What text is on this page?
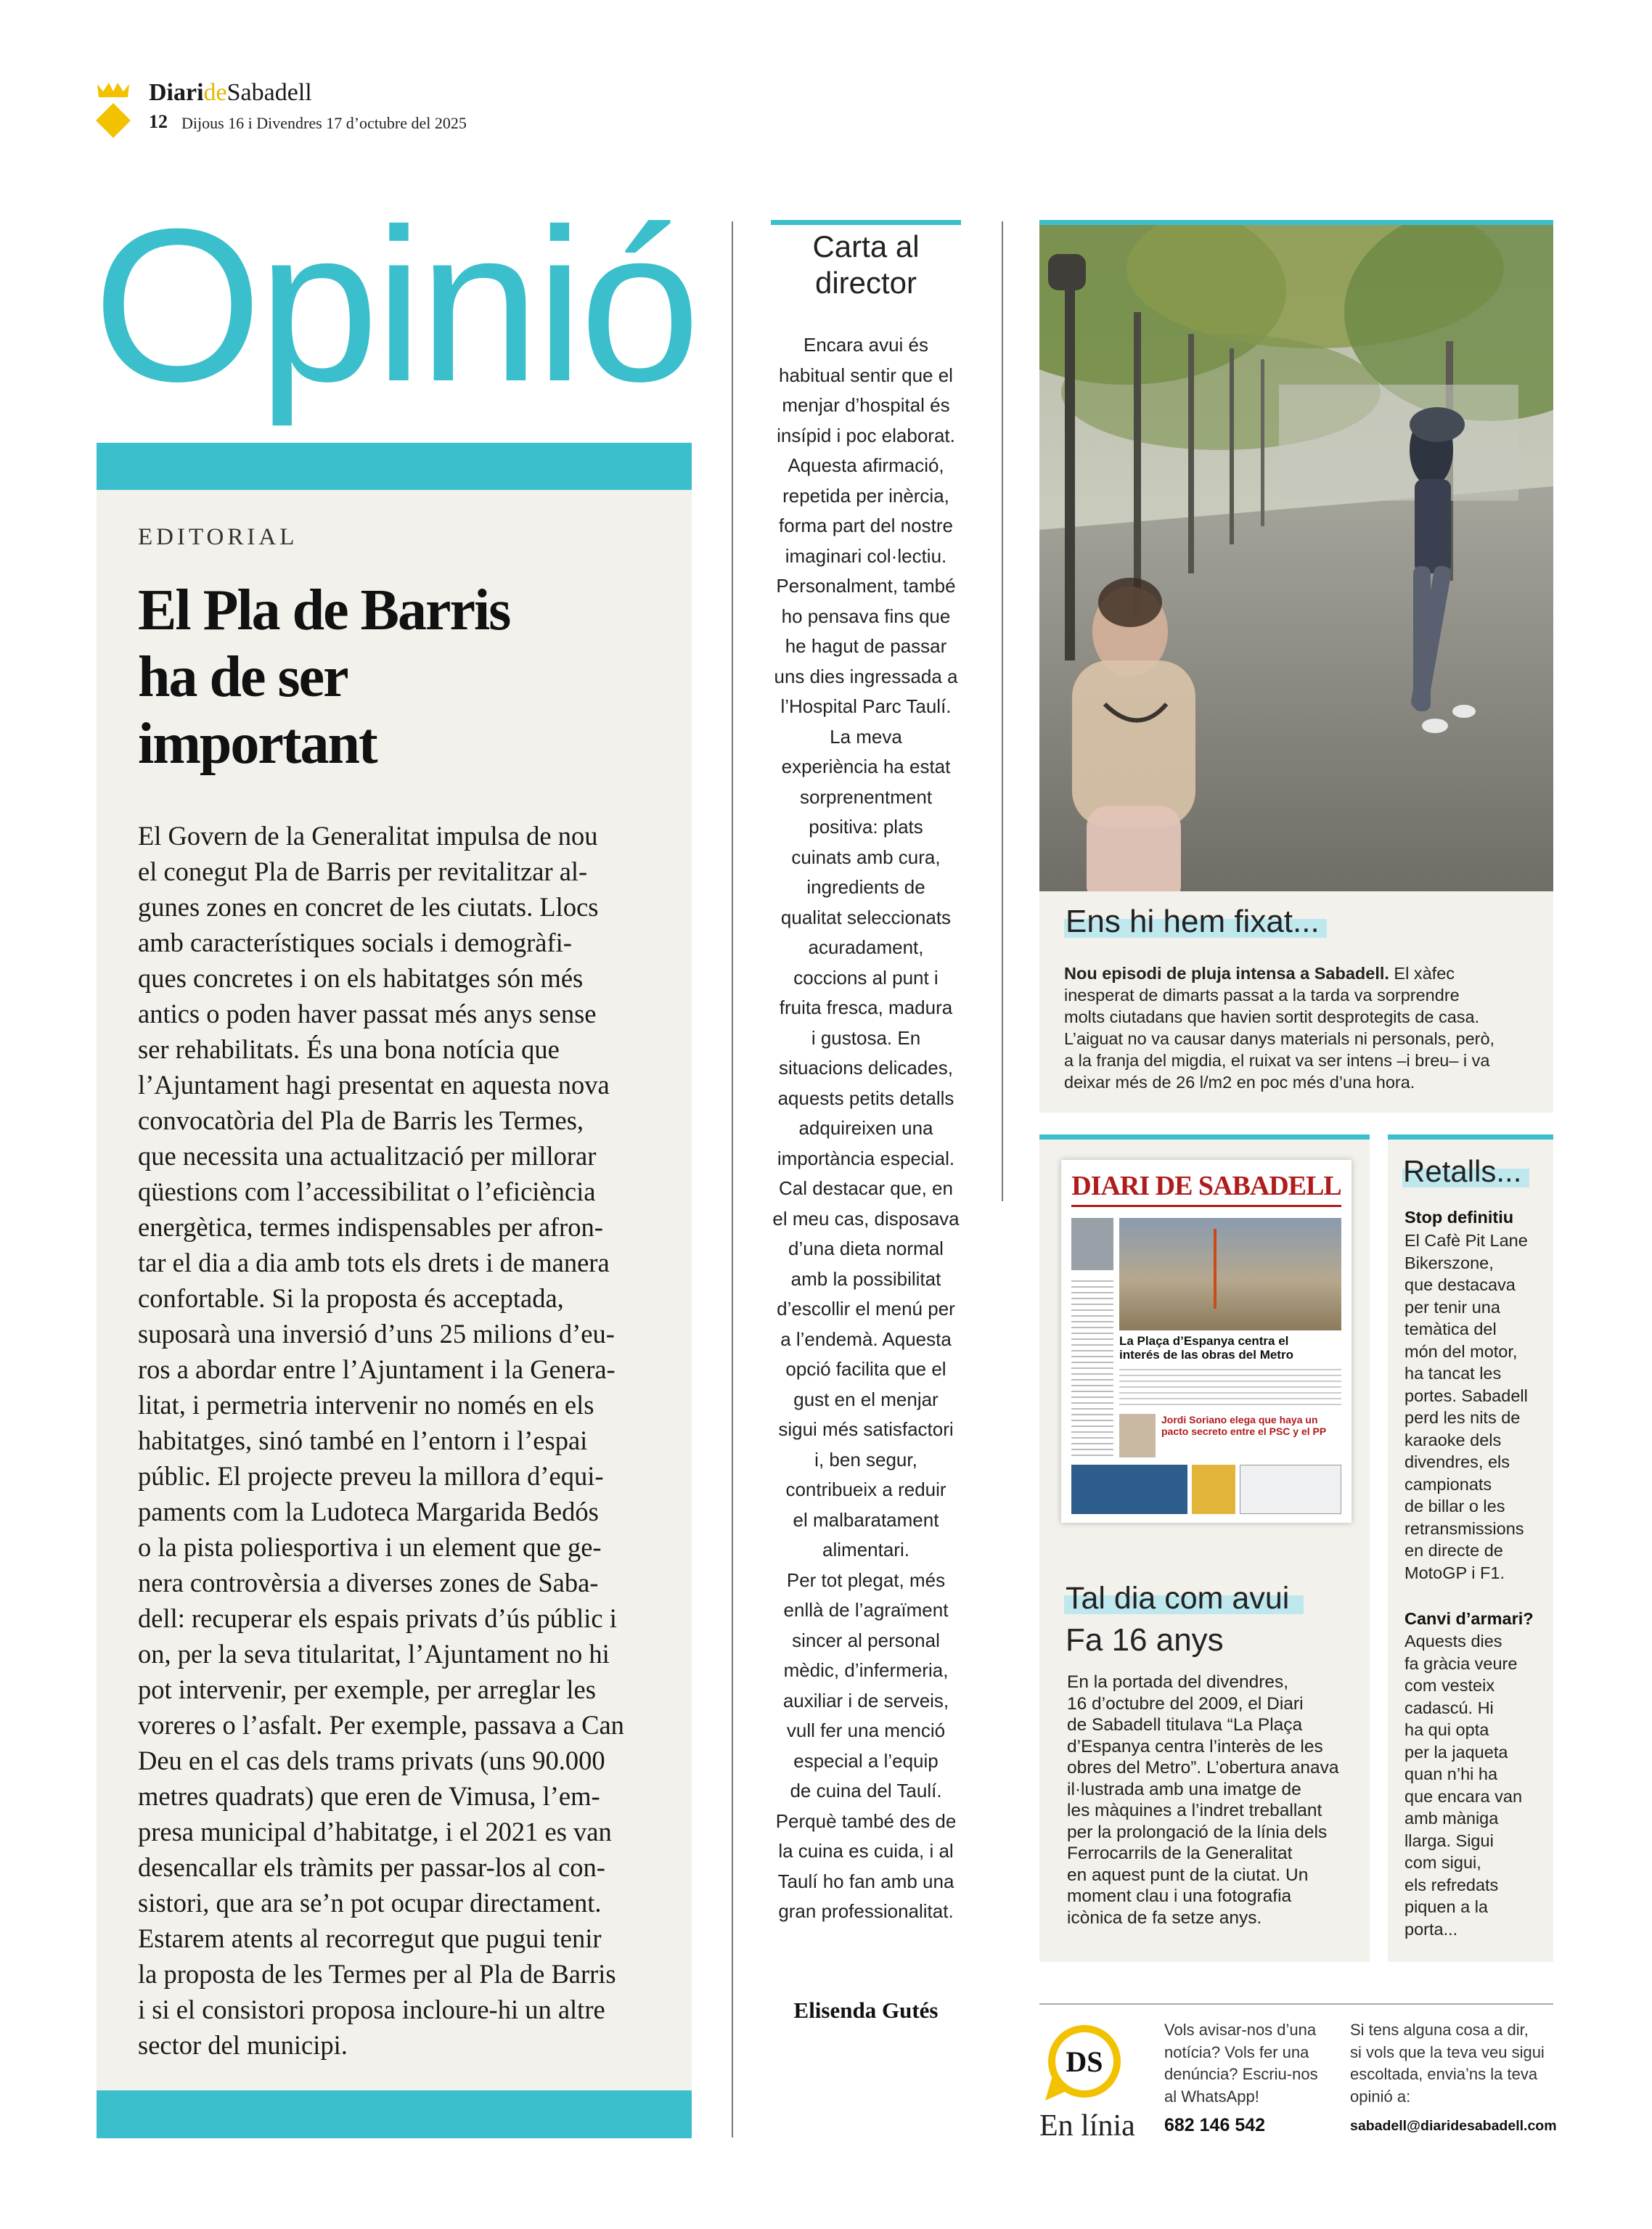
DiarideSabadell
12 Dijous 16 i Divendres 17 d’octubre del 2025
Opinió
EDITORIAL
El Pla de Barris
ha de ser
important
El Govern de la Generalitat impulsa de nou
el conegut Pla de Barris per revitalitzar al-
gunes zones en concret de les ciutats. Llocs
amb característiques socials i demogràfi-
ques concretes i on els habitatges són més
antics o poden haver passat més anys sense
ser rehabilitats. És una bona notícia que
l’Ajuntament hagi presentat en aquesta nova
convocatòria del Pla de Barris les Termes,
que necessita una actualització per millorar
qüestions com l’accessibilitat o l’eficiència
energètica, termes indispensables per afron-
tar el dia a dia amb tots els drets i de manera
confortable. Si la proposta és acceptada,
suposarà una inversió d’uns 25 milions d’eu-
ros a abordar entre l’Ajuntament i la Genera-
litat, i permetria intervenir no només en els
habitatges, sinó també en l’entorn i l’espai
públic. El projecte preveu la millora d’equi-
paments com la Ludoteca Margarida Bedós
o la pista poliesportiva i un element que ge-
nera controvèrsia a diverses zones de Saba-
dell: recuperar els espais privats d’ús públic i
on, per la seva titularitat, l’Ajuntament no hi
pot intervenir, per exemple, per arreglar les
voreres o l’asfalt. Per exemple, passava a Can
Deu en el cas dels trams privats (uns 90.000
metres quadrats) que eren de Vimusa, l’em-
presa municipal d’habitatge, i el 2021 es van
desencallar els tràmits per passar-los al con-
sistori, que ara se’n pot ocupar directament.
Estarem atents al recorregut que pugui tenir
la proposta de les Termes per al Pla de Barris
i si el consistori proposa incloure-hi un altre
sector del municipi.
Carta al
director
Encara avui és
habitual sentir que el
menjar d’hospital és
insípid i poc elaborat.
Aquesta afirmació,
repetida per inèrcia,
forma part del nostre
imaginari col·lectiu.
Personalment, també
ho pensava fins que
he hagut de passar
uns dies ingressada a
l’Hospital Parc Taulí.
La meva
experiència ha estat
sorprenentment
positiva: plats
cuinats amb cura,
ingredients de
qualitat seleccionats
acuradament,
coccions al punt i
fruita fresca, madura
i gustosa. En
situacions delicades,
aquests petits detalls
adquireixen una
importància especial.
Cal destacar que, en
el meu cas, disposava
d’una dieta normal
amb la possibilitat
d’escollir el menú per
a l’endemà. Aquesta
opció facilita que el
gust en el menjar
sigui més satisfactori
i, ben segur,
contribueix a reduir
el malbaratament
alimentari.
Per tot plegat, més
enllà de l’agraïment
sincer al personal
mèdic, d’infermeria,
auxiliar i de serveis,
vull fer una menció
especial a l’equip
de cuina del Taulí.
Perquè també des de
la cuina es cuida, i al
Taulí ho fan amb una
gran professionalitat.
Elisenda Gutés
Ens hi hem fixat...
Nou episodi de pluja intensa a Sabadell. El xàfec
inesperat de dimarts passat a la tarda va sorprendre
molts ciutadans que havien sortit desprotegits de casa.
L’aiguat no va causar danys materials ni personals, però,
a la franja del migdia, el ruixat va ser intens –i breu– i va
deixar més de 26 l/m2 en poc més d’una hora.
DIARI DE SABADELL
La Plaça d’Espanya centra el
interés de las obras del Metro
Jordi Soriano elega que haya un
pacto secreto entre el PSC y el PP
Tal dia com avui
Fa 16 anys
En la portada del divendres,
16 d’octubre del 2009, el Diari
de Sabadell titulava “La Plaça
d’Espanya centra l’interès de les
obres del Metro”. L’obertura anava
il·lustrada amb una imatge de
les màquines a l’indret treballant
per la prolongació de la línia dels
Ferrocarrils de la Generalitat
en aquest punt de la ciutat. Un
moment clau i una fotografia
icònica de fa setze anys.
Retalls...
Stop definitiu
El Cafè Pit Lane
Bikerszone,
que destacava
per tenir una
temàtica del
món del motor,
ha tancat les
portes. Sabadell
perd les nits de
karaoke dels
divendres, els
campionats
de billar o les
retransmissions
en directe de
MotoGP i F1.
Canvi d’armari?
Aquests dies
fa gràcia veure
com vesteix
cadascú. Hi
ha qui opta
per la jaqueta
quan n’hi ha
que encara van
amb màniga
llarga. Sigui
com sigui,
els refredats
piquen a la
porta...
DS
En línia
Vols avisar-nos d’una
notícia? Vols fer una
denúncia? Escriu-nos
al WhatsApp!
682 146 542
Si tens alguna cosa a dir,
si vols que la teva veu sigui
escoltada, envia’ns la teva
opinió a:
sabadell@diaridesabadell.com
